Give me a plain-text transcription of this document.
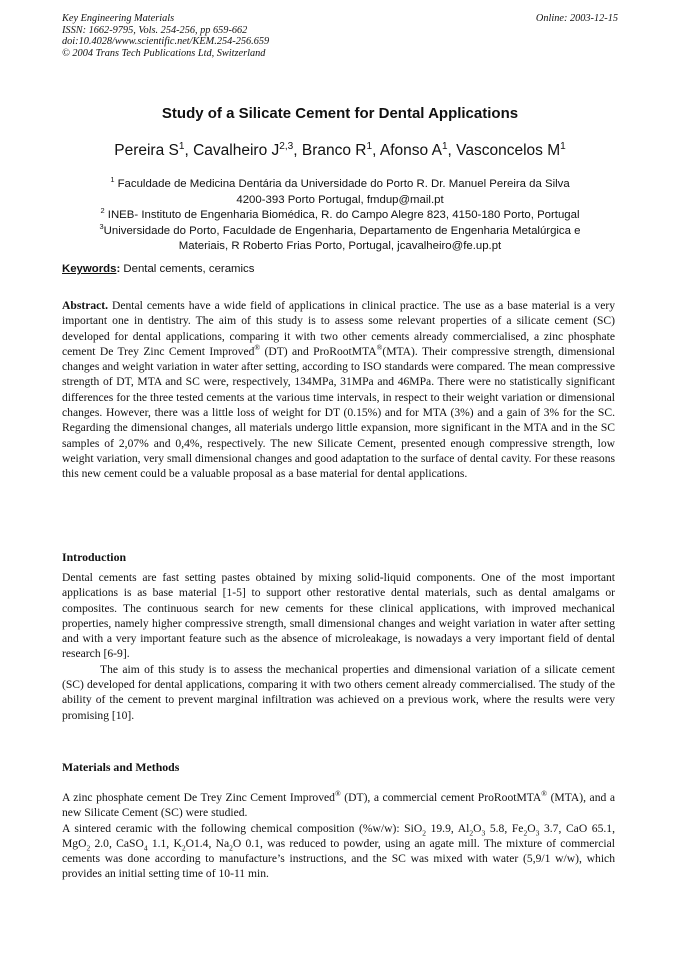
Key Engineering Materials
ISSN: 1662-9795, Vols. 254-256, pp 659-662
doi:10.4028/www.scientific.net/KEM.254-256.659
© 2004 Trans Tech Publications Ltd, Switzerland
Online: 2003-12-15
Study of a Silicate Cement for Dental Applications
Pereira $S^1$, Cavalheiro J$^{2,3}$, Branco $R^1$, Afonso $A^1$, Vasconcelos $M^1$
$^1$ Faculdade de Medicina Dentária da Universidade do Porto R. Dr. Manuel Pereira da Silva
4200-393 Porto Portugal, fmdup@mail.pt
$^2$ INEB- Instituto de Engenharia Biomédica, R. do Campo Alegre 823, 4150-180 Porto, Portugal
$^3$Universidade do Porto, Faculdade de Engenharia, Departamento de Engenharia Metalúrgica e
Materiais, R Roberto Frias Porto, Portugal, jcavalheiro@fe.up.pt
Keywords: Dental cements, ceramics
Abstract. Dental cements have a wide field of applications in clinical practice. The use as a base material is a very important one in dentistry. The aim of this study is to assess some relevant properties of a silicate cement (SC) developed for dental applications, comparing it with two other cements already commercialised, a zinc phosphate cement De Trey Zinc Cement Improved® (DT) and ProRootMTA®(MTA). Their compressive strength, dimensional changes and weight variation in water after setting, according to ISO standards were compared. The mean compressive strength of DT, MTA and SC were, respectively, 134MPa, 31MPa and 46MPa. There were no statistically significant differences for the three tested cements at the various time intervals, in respect to their weight variation or dimensional changes. However, there was a little loss of weight for DT (0.15%) and for MTA (3%) and a gain of 3% for the SC. Regarding the dimensional changes, all materials undergo little expansion, more significant in the MTA and in the SC samples of 2,07% and 0,4%, respectively. The new Silicate Cement, presented enough compressive strength, low weight variation, very small dimensional changes and good adaptation to the surface of dental cavity. For these reasons this new cement could be a valuable proposal as a base material for dental applications.
Introduction

Dental cements are fast setting pastes obtained by mixing solid-liquid components. One of the most important applications is as base material [1-5] to support other restorative dental materials, such as dental amalgams or composites. The continuous search for new cements for these clinical applications, with improved mechanical properties, namely higher compressive strength, small dimensional changes and weight variation in water after setting and with a very important feature such as the absence of microleakage, is nowadays a very important field of dental research [6-9].

The aim of this study is to assess the mechanical properties and dimensional variation of a silicate cement (SC) developed for dental applications, comparing it with two others cement already commercialised. The study of the ability of the cement to prevent marginal infiltration was achieved on a previous work, where the results were very promising [10].

Materials and Methods

A zinc phosphate cement De Trey Zinc Cement Improved® (DT), a commercial cement ProRootMTA® (MTA), and a new Silicate Cement (SC) were studied.

A sintered ceramic with the following chemical composition (%w/w): SiO$_2$ 19.9, $Al_2O_3$ 5.8, $Fe_2O_3$ 3.7, CaO 65.1, MgO$_2$ 2.0, CaSO$_4$ 1.1, $K_2O1.4$, $Na_2O$ 0.1, was reduced to powder, using an agate mill. The mixture of commercial cements was done according to manufacture’s instructions, and the SC was mixed with water (5,9/1 w/w), which provides an initial setting time of 10-11 min.
